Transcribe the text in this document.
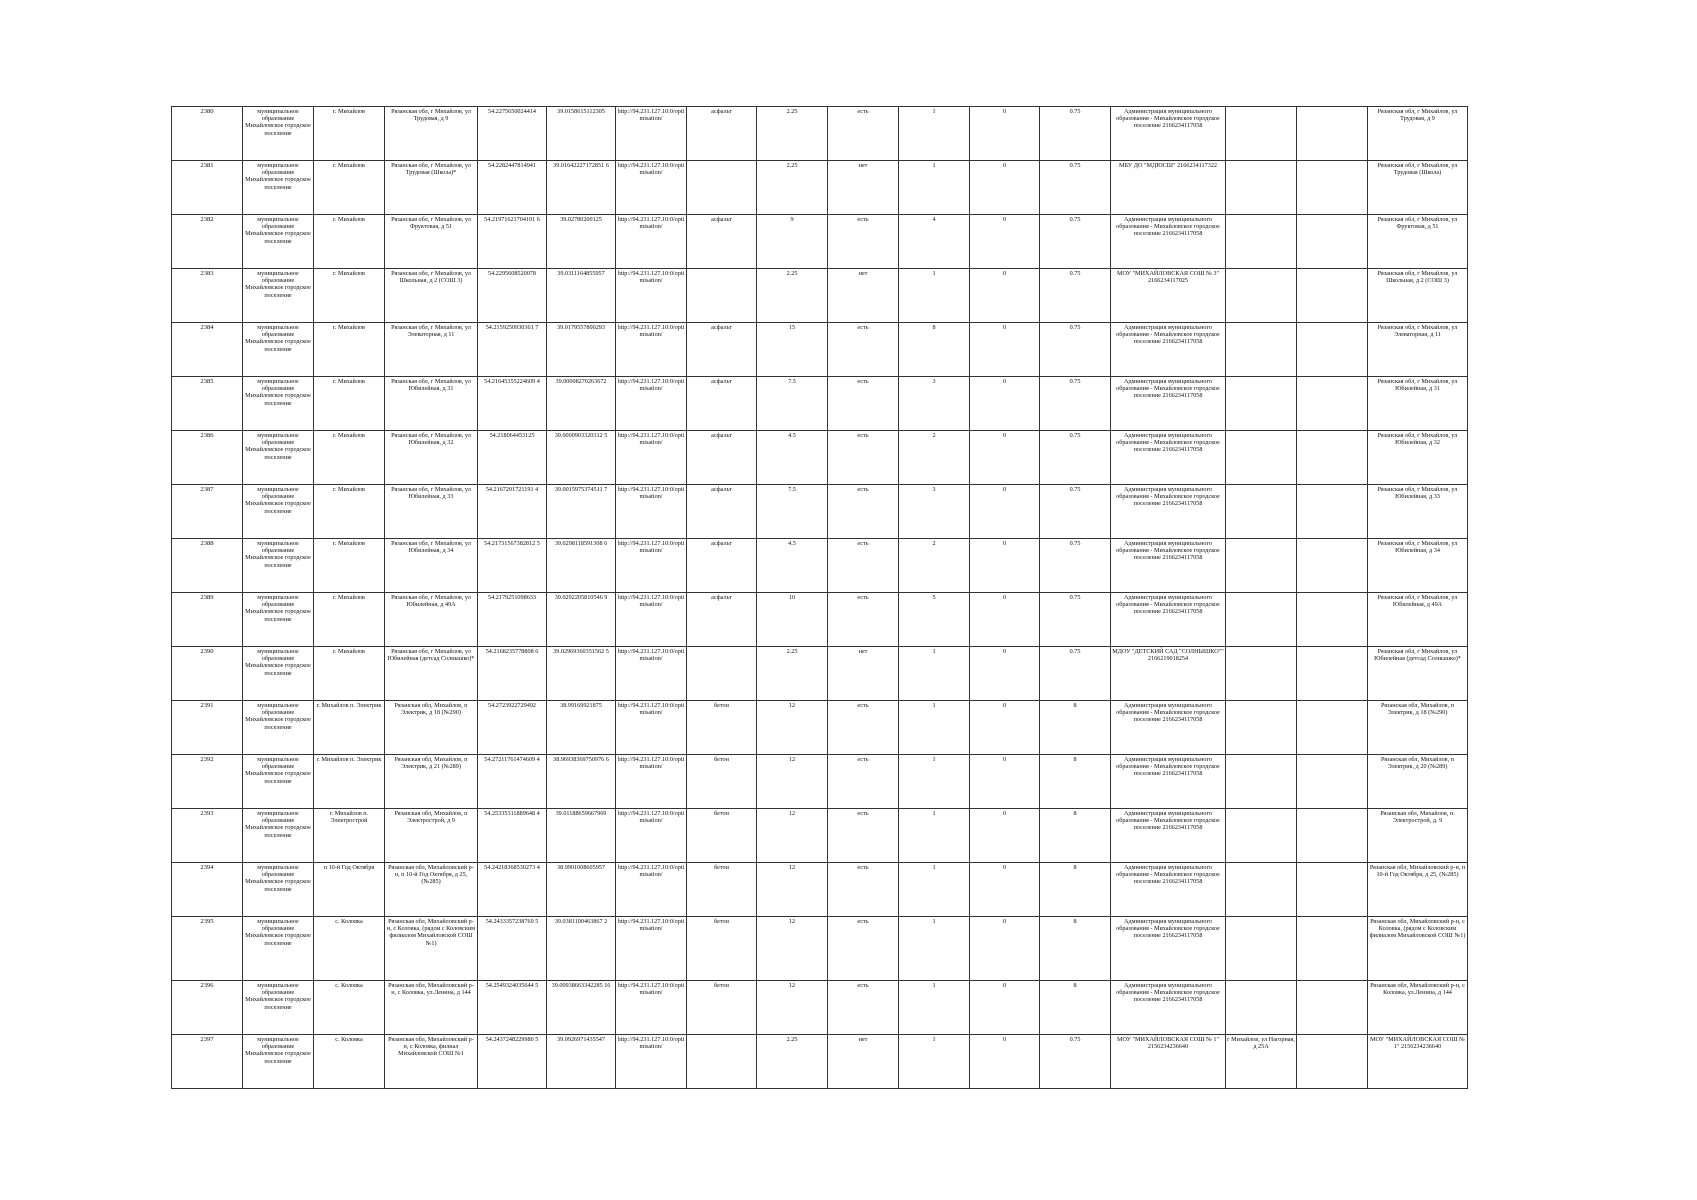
2380	муниципальное образование Михайловское городское поселение	г. Михайлов	Рязанская обл, г Михайлов, ул Трудовая, д 9	54.2275650024414	39.0158615112305	http://94.231.127.10:0/optimisation/	асфальт	2.25	есть	1	0	0.75	Администрация муниципального образования - Михайловское городское поселение 2166234117058			Рязанская обл, г Михайлов, ул Трудовая, д 9
2381	муниципальное образование Михайловское городское поселение	г. Михайлов	Рязанская обл, г Михайлов, ул Трудовая (Школа)*	54.2282447814941	39.01642227172851 6	http://94.231.127.10:0/optimisation/		2.25	нет	1	0	0.75	МБУ ДО "МДЮСШ" 2166234117322			Рязанская обл, г Михайлов, ул Трудовая (Школа)
2382	муниципальное образование Михайловское городское поселение	г. Михайлов	Рязанская обл, г Михайлов, ул Фруктовая, д 51	54.21971621704101 6	39.02780200125	http://94.231.127.10:0/optimisation/	асфальт	9	есть	4	0	0.75	Администрация муниципального образования - Михайловское городское поселение 2166234117058			Рязанская обл, г Михайлов, ул Фруктовая, д 51
2383	муниципальное образование Михайловское городское поселение	г. Михайлов	Рязанская обл, г Михайлов, ул Школьная, д 2 (СОШ 3)	54.2295608520078	39.0311164855957	http://94.231.127.10:0/optimisation/		2.25	нет	1	0	0.75	МОУ "МИХАЙЛОВСКАЯ СОШ № 3" 2166234117025			Рязанская обл, г Михайлов, ул Школьная, д 2 (СОШ 3)
2384	муниципальное образование Михайловское городское поселение	г. Михайлов	Рязанская обл, г Михайлов, ул Элеваторная, д 11	54.2159250930361 7	39.0179557800293	http://94.231.127.10:0/optimisation/	асфальт	15	есть	8	0	0.75	Администрация муниципального образования - Михайловское городское поселение 2166234117058			Рязанская обл, г Михайлов, ул Элеваторная, д 11
2385	муниципальное образование Михайловское городское поселение	г. Михайлов	Рязанская обл, г Михайлов, ул Юбилейная, д 31	54.21645355224609 4	39.00008270263672	http://94.231.127.10:0/optimisation/	асфальт	7.5	есть	3	0	0.75	Администрация муниципального образования - Михайловское городское поселение 2166234117058			Рязанская обл, г Михайлов, ул Юбилейная, д 31
2386	муниципальное образование Михайловское городское поселение	г. Михайлов	Рязанская обл, г Михайлов, ул Юбилейная, д 32	54.218064453125	39.0000903320312 5	http://94.231.127.10:0/optimisation/	асфальт	4.5	есть	2	0	0.75	Администрация муниципального образования - Михайловское городское поселение 2166234117058			Рязанская обл, г Михайлов, ул Юбилейная, д 32
2387	муниципальное образование Михайловское городское поселение	г. Михайлов	Рязанская обл, г Михайлов, ул Юбилейная, д 33	54.2167201721191 4	39.0015975374511 7	http://94.231.127.10:0/optimisation/	асфальт	7.5	есть	3	0	0.75	Администрация муниципального образования - Михайловское городское поселение 2166234117058			Рязанская обл, г Михайлов, ул Юбилейная, д 33
2388	муниципальное образование Михайловское городское поселение	г. Михайлов	Рязанская обл, г Михайлов, ул Юбилейная, д 34	54.21731567382812 5	39.0298118591308 6	http://94.231.127.10:0/optimisation/	асфальт	4.5	есть	2	0	0.75	Администрация муниципального образования - Михайловское городское поселение 2166234117058			Рязанская обл, г Михайлов, ул Юбилейная, д 34
2389	муниципальное образование Михайловское городское поселение	г. Михайлов	Рязанская обл, г Михайлов, ул Юбилейная, д 49А	54.2179251098633	39.0292205810546 9	http://94.231.127.10:0/optimisation/	асфальт	10	есть	5	0	0.75	Администрация муниципального образования - Михайловское городское поселение 2166234117058			Рязанская обл, г Михайлов, ул Юбилейная, д 49А
2390	муниципальное образование Михайловское городское поселение	г. Михайлов	Рязанская обл, г Михайлов, ул Юбилейная (детсад Солнышко)*	54.2168235778808 6	39.02969360351562 5	http://94.231.127.10:0/optimisation/		2.25	нет	1	0	0.75	МДОУ "ДЕТСКИЙ САД "СОЛНЫШКО"" 2166219018254			Рязанская обл, г Михайлов, ул Юбилейная (детсад Солнышко)*
2391	муниципальное образование Михайловское городское поселение	г. Михайлов п. Электрик	Рязанская обл, Михайлов, п Электрик, д 18 (№290)	54.2723922729492	38.99169921875	http://94.231.127.10:0/optimisation/	бетон	12	есть	1	0	8	Администрация муниципального образования - Михайловское городское поселение 2166234117058			Рязанская обл, Михайлов, п Электрик, д 18 (№290)
2392	муниципальное образование Михайловское городское поселение	г. Михайлов п. Электрик	Рязанская обл, Михайлов, п Электрик, д 21 (№289)	54.27211761474609 4	38.96938369750976 6	http://94.231.127.10:0/optimisation/	бетон	12	есть	1	0	8	Администрация муниципального образования - Михайловское городское поселение 2166234117058			Рязанская обл, Михайлов, п Электрик, д 20 (№289)
2393	муниципальное образование Михайловское городское поселение	г. Михайлов п. Электрострой	Рязанская обл, Михайлов, п Электрострой, д 9	54.25335311889648 4	39.01188659667969	http://94.231.127.10:0/optimisation/	бетон	12	есть	1	0	8	Администрация муниципального образования - Михайловское городское поселение 2166234117058			Рязанская обл, Михайлов, п. Электрострой, д. 9
2394	муниципальное образование Михайловское городское поселение	п 10-й Год Октября	Рязанская обл, Михайловский р-н, п 10-й Год Октября, д 25, (№285)	54.24218368530273 4	38.9901008605957	http://94.231.127.10:0/optimisation/	бетон	12	есть	1	0	8	Администрация муниципального образования - Михайловское городское поселение 2166234117058			Рязанская обл, Михайловский р-н, п 10-й Год Октября, д 25, (№285)
2395	муниципальное образование Михайловское городское поселение	с. Коловка	Рязанская обл, Михайловский р-н, с Коловка, (рядом с Коловским филиалом Михайловской СОШ №1)	54.2433357238769 5	39.0381100463867 2	http://94.231.127.10:0/optimisation/	бетон	12	есть	1	0	8	Администрация муниципального образования - Михайловское городское поселение 2166234117058			Рязанская обл, Михайловский р-н, с Коловка, (рядом с Коловским филиалом Михайловской СОШ №1)
2396	муниципальное образование Михайловское городское поселение	с. Коловка	Рязанская обл, Михайловский р-н, с Коловка, ул.Ленина, д 144	54.2549324035644 5	39.00938663342285 16	http://94.231.127.10:0/optimisation/	бетон	12	есть	1	0	8	Администрация муниципального образования - Михайловское городское поселение 2166234117058			Рязанская обл, Михайловский р-н, с Коловка, ул.Ленина, д 144
2397	муниципальное образование Михайловское городское поселение	с. Коловка	Рязанская обл, Михайловский р-н, с Коловка, филиал Михайловской СОШ №1	54.2437248229980 5	39.0926971435547	http://94.231.127.10:0/optimisation/		2.25	нет	1	0	0.75	МОУ "МИХАЙЛОВСКАЯ СОШ № 1" 2156234236640	г Михайлов, ул Нагорная, д 25А		МОУ "МИХАЙЛОВСКАЯ СОШ № 1" 2156234236640
